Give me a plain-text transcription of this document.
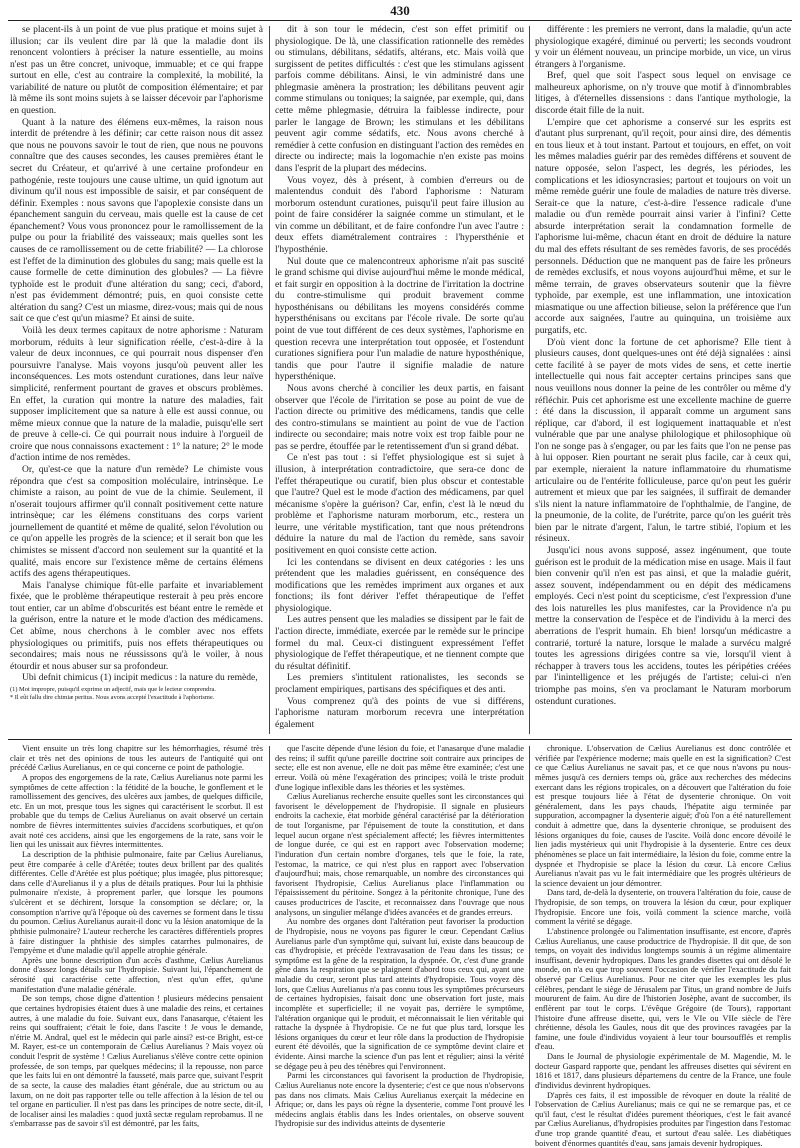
430

se placent-ils à un point de vue plus pratique et moins sujet à illusion; car ils veulent dire par là que la maladie dont ils renoncent volontiers à préciser la nature essentielle, au moins n'est pas un être concret, univoque, immuable; et ce qui frappe surtout en elle, c'est au contraire la complexité, la mobilité, la variabilité de nature ou plutôt de composition élémentaire; et par là même ils sont moins sujets à se laisser décevoir par l'aphorisme en question.

Quant à la nature des élémens eux-mêmes, la raison nous interdit de prétendre à les définir; car cette raison nous dit assez que nous ne pouvons savoir le tout de rien, que nous ne pouvons connaître que des causes secondes, les causes premières étant le secret du Créateur, et qu'arrivé à une certaine profondeur en pathogénie, reste toujours une cause ultime, un quid ignotum aut divinum qu'il nous est impossible de saisir, et par conséquent de définir. Exemples : nous savons que l'apoplexie consiste dans un épanchement sanguin du cerveau, mais quelle est la cause de cet épanchement? Vous vous prononcez pour le ramollissement de la pulpe ou pour la friabilité des vaisseaux; mais quelles sont les causes de ce ramollissement ou de cette friabilité? — La chlorose est l'effet de la diminution des globules du sang; mais quelle est la cause formelle de cette diminution des globules? — La fièvre typhoïde est le produit d'une altération du sang; ceci, d'abord, n'est pas évidemment démontré; puis, en quoi consiste cette altération du sang? C'est un miasme, direz-vous; mais qui de nous sait ce que c'est qu'un miasme? Et ainsi de suite.

Voilà les deux termes capitaux de notre aphorisme : Naturam morborum, réduits à leur signification réelle, c'est-à-dire à la valeur de deux inconnues, ce qui pourrait nous dispenser d'en poursuivre l'analyse. Mais voyons jusqu'où peuvent aller les inconséquences. Les mots ostendunt curationes, dans leur naïve simplicité, renferment pourtant de graves et obscurs problèmes. En effet, la curation qui montre la nature des maladies, fait supposer implicitement que sa nature à elle est aussi connue, ou même mieux connue que la nature de la maladie, puisqu'elle sert de preuve à celle-ci. Ce qui pourrait nous induire à l'orgueil de croire que nous connaissons exactement : 1° la nature; 2° le mode d'action intime de nos remèdes.

Or, qu'est-ce que la nature d'un remède? Le chimiste vous répondra que c'est sa composition moléculaire, intrinsèque. Le chimiste a raison, au point de vue de la chimie. Seulement, il n'oserait toujours affirmer qu'il connaît positivement cette nature intrinsèque; car les élémens constituans des corps varient journellement de quantité et même de qualité, selon l'évolution ou ce qu'on appelle les progrès de la science; et il serait bon que les chimistes se missent d'accord non seulement sur la quantité et la qualité, mais encore sur l'existence même de certains élémens actifs des agens thérapeutiques.

Mais l'analyse chimique fût-elle parfaite et invariablement fixée, que le problème thérapeutique resterait à peu près encore tout entier, car un abîme d'obscurités est béant entre le remède et la guérison, entre la nature et le mode d'action des médicamens. Cet abîme, nous cherchons à le combler avec nos effets physiologiques ou primitifs, puis nos effets thérapeutiques ou secondaires; mais nous ne réussissons qu'à le voiler, à nous étourdir et nous abuser sur sa profondeur.

Ubi defnit chimicus (1) incipit medicus : la nature du remède,

(1) Mot impropre, puisqu'il exprime un adjectif, mais que le lecteur comprendra.

* Il eût fallu dire chimiæ peritus. Nous avons accepté l'exactitude à l'aphorisme.

dit à son tour le médecin, c'est son effet primitif ou physiologique. De là, une classification rationnelle des remèdes ou stimulans, débilitans, sédatifs, altérans, etc. Mais voilà que surgissent de petites difficultés : c'est que les stimulans agissent parfois comme débilitans. Ainsi, le vin administré dans une phlegmasie amènera la prostration; les débilitans peuvent agir comme stimulans ou toniques; la saignée, par exemple, qui, dans cette même phlegmasie, détruira la faiblesse indirecte, pour parler le langage de Brown; les stimulans et les débilitans peuvent agir comme sédatifs, etc. Nous avons cherché à remédier à cette confusion en distinguant l'action des remèdes en directe ou indirecte; mais la logomachie n'en existe pas moins dans l'esprit de la plupart des médecins.

Vous voyez, dès à présent, à combien d'erreurs ou de malentendus conduit dès l'abord l'aphorisme : Naturam morborum ostendunt curationes, puisqu'il peut faire illusion au point de faire considérer la saignée comme un stimulant, et le vin comme un débilitant, et de faire confondre l'un avec l'autre : deux effets diamétralement contraires : l'hypersthénie et l'hyposthénie.

Nul doute que ce malencontreux aphorisme n'ait pas suscité le grand schisme qui divise aujourd'hui même le monde médical, et fait surgir en opposition à la doctrine de l'irritation la doctrine du contre-stimulisme qui produit bravement comme hyposthénisans ou débilitans les moyens considérés comme hypersthénisans ou excitans par l'école rivale. De sorte qu'au point de vue tout différent de ces deux systèmes, l'aphorisme en question recevra une interprétation tout opposée, et l'ostendunt curationes signifiera pour l'un maladie de nature hyposthénique, tandis que pour l'autre il signifie maladie de nature hypersthénique.

Nous avons cherché à concilier les deux partis, en faisant observer que l'école de l'irritation se pose au point de vue de l'action directe ou primitive des médicamens, tandis que celle des contro-stimulans se maintient au point de vue de l'action indirecte ou secondaire; mais notre voix est trop faible pour ne pas se perdre, étouffée par le retentissement d'un si grand débat.

Ce n'est pas tout : si l'effet physiologique est si sujet à illusion, à interprétation contradictoire, que sera-ce donc de l'effet thérapeutique ou curatif, bien plus obscur et contestable que l'autre? Quel est le mode d'action des médicamens, par quel mécanisme s'opère la guérison? Car, enfin, c'est là le nœud du problème et l'aphorisme naturam morborum, etc., restera un leurre, une véritable mystification, tant que nous prétendrons déduire la nature du mal de l'action du remède, sans savoir positivement en quoi consiste cette action.

Ici les contendans se divisent en deux catégories : les uns prétendent que les maladies guérissent, en conséquence des modifications que les remèdes impriment aux organes et aux fonctions; ils font dériver l'effet thérapeutique de l'effet physiologique.

Les autres pensent que les maladies se dissipent par le fait de l'action directe, immédiate, exercée par le remède sur le principe formel du mal. Ceux-ci distinguent expressément l'effet physiologique de l'effet thérapeutique, et ne tiennent compte que du résultat définitif.

Les premiers s'intitulent rationalistes, les seconds se proclament empiriques, partisans des spécifiques et des anti.

Vous comprenez qu'à des points de vue si différens, l'aphorisme naturam morborum recevra une interprétation également

différente : les premiers ne verront, dans la maladie, qu'un acte physiologique exagéré, diminué ou perverti; les seconds voudront y voir un élément nouveau, un principe morbide, un vice, un virus étrangers à l'organisme.

Bref, quel que soit l'aspect sous lequel on envisage ce malheureux aphorisme, on n'y trouve que motif à d'innombrables litiges, à d'éternelles dissensions : dans l'antique mythologie, la discorde était fille de la nuit.

L'empire que cet aphorisme a conservé sur les esprits est d'autant plus surprenant, qu'il reçoit, pour ainsi dire, des démentis en tous lieux et à tout instant. Partout et toujours, en effet, on voit les mêmes maladies guérir par des remèdes différens et souvent de nature opposée, selon l'aspect, les degrés, les périodes, les complications et les idiosyncrasies; partout et toujours on voit un même remède guérir une foule de maladies de nature très diverse. Serait-ce que la nature, c'est-à-dire l'essence radicale d'une maladie ou d'un remède pourrait ainsi varier à l'infini? Cette absurde interprétation serait la condamnation formelle de l'aphorisme lui-même, chacun étant en droit de déduire la nature du mal des effets résultant de ses remèdes favoris, de ses procédés personnels. Déduction que ne manquent pas de faire les prôneurs de remèdes exclusifs, et nous voyons aujourd'hui même, et sur le même terrain, de graves observateurs soutenir que la fièvre typhoïde, par exemple, est une inflammation, une intoxication miasmatique ou une affection bilieuse, selon la préférence que l'un accorde aux saignées, l'autre au quinquina, un troisième aux purgatifs, etc.

D'où vient donc la fortune de cet aphorisme? Elle tient à plusieurs causes, dont quelques-unes ont été déjà signalées : ainsi cette facilité à se payer de mots vides de sens, et cette inertie intellectuelle qui nous fait accepter certains principes sans que nous veuillons nous donner la peine de les contrôler ou même d'y réfléchir. Puis cet aphorisme est une excellente machine de guerre : été dans la discussion, il apparaît comme un argument sans réplique, car d'abord, il est logiquement inattaquable et n'est vulnérable que par une analyse philologique et philosophique où l'on ne songe pas à s'engager, ou par les faits que l'on ne pense pas à lui opposer. Rien pourtant ne serait plus facile, car à ceux qui, par exemple, nieraient la nature inflammatoire du rhumatisme articulaire ou de l'entérite folliculeuse, parce qu'on peut les guérir autrement et mieux que par les saignées, il suffirait de demander s'ils nient la nature inflammatoire de l'ophthalmie, de l'angine, de la pneumonie, de la colite, de l'urétrite, parce qu'on les guérit très bien par le nitrate d'argent, l'alun, le tartre stibié, l'opium et les résineux.

Jusqu'ici nous avons supposé, assez ingénument, que toute guérison est le produit de la médication mise en usage. Mais il faut bien convenir qu'il n'en est pas ainsi, et que la maladie guérit, assez souvent, indépendamment ou en dépit des médicamens employés. Ceci n'est point du scepticisme, c'est l'expression d'une des lois naturelles les plus manifestes, car la Providence n'a pu mettre la conservation de l'espèce et de l'individu à la merci des aberrations de l'esprit humain. Eh bien! lorsqu'un médicastre a contrarié, torturé la nature, lorsque le malade a survécu malgré toutes les agressions dirigées contre sa vie, lorsqu'il vient à réchapper à travers tous les accidens, toutes les péripéties créées par l'inintelligence et les préjugés de l'artiste; celui-ci n'en triomphe pas moins, s'en va proclamant le Naturam morborum ostendunt curationes.

Vient ensuite un très long chapitre sur les hémorrhagies, résumé très clair et très net des opinions de tous les auteurs de l'antiquité qui ont précédé Cælius Aurelianus, en ce qui concerne ce point de pathologie.

A propos des engorgemens de la rate, Cælius Aurelianus note parmi les symptômes de cette affection : la fétidité de la bouche, le gonflement et le ramollissement des gencives, des ulcères aux jambes, de quelques difficile, etc. En un mot, presque tous les signes qui caractérisent le scorbut. Il est probable que du temps de Cælius Aurelianus on avait observé un certain nombre de fièvres intermittentes suivies d'accidens scorbutiques, et qu'on avait noté ces accidens, ainsi que les engorgemens de la rate, sans voir le lien qui les unissait aux fièvres intermittentes.

La description de la phthisie pulmonaire, faite par Cælius Aurelianus, peut être comparée à celle d'Arétée; toutes deux brillent par des qualités différentes. Celle d'Arétée est plus poétique; plus imagée, plus pittoresque; dans celle d'Aurelianus il y a plus de détails pratiques. Pour lui la phthisie pulmonaire n'existe, à proprement parler, que lorsque les poumons s'ulcèrent et se déchirent, lorsque la consomption se déclare; or, la consomption n'arrive qu'à l'époque où des cavernes se forment dans le tissu du poumon. Cælius Aurelianus aurait-il donc vu la lésion anatomique de la phthisie pulmonaire? L'auteur recherche les caractères différentiels propres à faire distinguer la phthisie des simples catarrhes pulmonaires, de l'empyème et d'une maladie qu'il appelle atrophie générale.

Après une bonne description d'un accès d'asthme, Cælius Aurelianus donne d'assez longs détails sur l'hydropisie. Suivant lui, l'épanchement de sérosité qui caractérise cette affection, n'est qu'un effet, qu'une manifestation d'une maladie générale.

De son temps, chose digne d'attention ! plusieurs médecins pensaient que certaines hydropisies étaient dues à une maladie des reins, et certaines autres, à une maladie du foie. Suivant eux, dans l'anasarque, c'étaient les reins qui souffraient; c'était le foie, dans l'ascite ! Je vous le demande, n'étrie M. Andral, quel est le médecin qui parle ainsi? est-ce Bright, est-ce M. Rayer, est-ce un contemporain de Cælius Aurelianus ? Mais voyez où conduit l'esprit de système ! Cælius Aurelianus s'élève contre cette opinion professée, de son temps, par quelques médecins; il la repousse, non parce que les faits lui en ont démontré la fausseté, mais parce que, suivant l'esprit de sa secte, la cause des maladies étant générale, due au strictum ou au laxum, on ne doit pas rapporter telle ou telle affection à la lésion de tel ou tel organe en particulier. Il n'est pas dans les principes de notre secte, dit-il, de localiser ainsi les maladies : quod juxtâ sectæ regulam reprobamus. Il ne s'embarrasse pas de savoir s'il est démontré, par les faits,

que l'ascite dépende d'une lésion du foie, et l'anasarque d'une maladie des reins; il suffit qu'une pareille doctrine soit contraire aux principes de secte; elle est non avenue, elle ne doit pas même être examinée; c'est une erreur. Voilà où mène l'exagération des principes; voilà le triste produit d'une logique inflexible dans les théories et les systèmes.

Cælius Aurelianus recherche ensuite quelles sont les circonstances qui favorisent le développement de l'hydropisie. Il signale en plusieurs endroits la cachexie, état morbide général caractérisé par la détérioration de tout l'organisme, par l'épuisement de toute la constitution, et dans lequel aucun organe n'est spécialement affecté; les fièvres intermittentes de longue durée, ce qui est en rapport avec l'observation moderne; l'induration d'un certain nombre d'organes, tels que le foie, la rate, l'estomac, la matrice, ce qui n'est plus en rapport avec l'observation d'aujourd'hui; mais, chose remarquable, un nombre des circonstances qui favorisent l'hydropisie, Cælius Aurelianus place l'inflammation ou l'épaississement du péritoine. Songez à la péritonite chronique, l'une des causes productrices de l'ascite, et reconnaissez dans l'ouvrage que nous analysons, un singulier mélange d'idées avancées et de grandes erreurs.

Au nombre des organes dont l'altération peut favoriser la production de l'hydropisie, nous ne voyons pas figurer le cœur. Cependant Cælius Aurelianus parle d'un symptôme qui, suivant lui, existe dans beaucoup de cas d'hydropisie, et précède l'extravasation de l'eau dans les tissus; ce symptôme est la gêne de la respiration, la dyspnée. Or, c'est d'une grande gêne dans la respiration que se plaignent d'abord tous ceux qui, ayant une maladie du cœur, seront plus tard atteints d'hydropisie. Tous voyez dès lors, que Cælius Aurelianus n'a pas connu tous les symptômes précurseurs de certaines hydropisies, faisait donc une observation fort juste, mais incomplète et superficielle; il ne voyait pas, derrière le symptôme, l'altération organique qui le produit, et méconnaissait le lien véritable qui rattache la dyspnée à l'hydropisie. Ce ne fut que plus tard, lorsque les lésions organiques du cœur et leur rôle dans la production de l'hydropisie eurent été dévoilés, que la signification de ce symptôme devint claire et évidente. Ainsi marche la science d'un pas lent et régulier; ainsi la vérité se dégage peu à peu des ténèbres qui l'environnent.

Parmi les circonstances qui favorisent la production de l'hydropisie, Cælius Aurelianus note encore la dysenterie; c'est ce que nous n'observons pas dans nos climats. Mais Cælius Aurelianus exerçait la médecine en Afrique; or, dans les pays où règne la dysenterie, comme l'ont prouvé les médecins anglais établis dans les Indes orientales, on observe souvent l'hydropisie sur des individus atteints de dysenterie

chronique. L'observation de Cælius Aurelianus est donc contrôlée et vérifiée par l'expérience moderne; mais quelle en est la signification? C'est ce que Cælius Aurelianus ne savait pas, et ce que nous n'avons pu nous-mêmes jusqu'à ces derniers temps où, grâce aux recherches des médecins exercant dans les régions tropicales, on a découvert que l'altération du foie est presque toujours liée à l'état de dysenterie chronique. On voit généralement, dans les pays chauds, l'hépatite aigu terminée par suppuration, accompagner la dysenterie aiguë; d'où l'on a été naturellement conduit à admettre que, dans la dysenterie chronique, se produisent des lésions organiques du foie, causes de l'ascite. Voilà donc encore dévoilé le lien jadis mystérieux qui unit l'hydropisie à la dysenterie. Entre ces deux phénomènes se place un fait intermédiaire, la lésion du foie, comme entre la dyspnée et l'hydropisie se place la lésion du cœur. Là encore Cælius Aurelianus n'avait pas vu le fait intermédiaire que les progrès ultérieurs de la science devaient un jour démontrer.

Dans tard, de-delà la dysenterie, on trouvera l'altération du foie, cause de l'hydropisie, de son temps, on trouvera la lésion du cœur, pour expliquer l'hydropisie. Encore une fois, voilà comment la science marche, voilà comment la vérité se dégage.

L'abstinence prolongée ou l'alimentation insuffisante, est encore, d'après Cælius Aurelianus, une cause productrice de l'hydropisie. Il dit que, de son temps, on voyait des individus longtemps soumis à un régime alimentaire insuffisant, devenir hydropiques. Dans les grandes disettes qui ont désolé le monde, on n'a eu que trop souvent l'occasion de vérifier l'exactitude du fait observé par Cælius Aurelianus. Pour ne citer que les exemples les plus célèbres, pendant le siège de Jérusalem par Titus, un grand nombre de Juifs moururent de faim. Au dire de l'historien Josèphe, avant de succomber, ils enflèrent par tout le corps. L'évêque Grégoire (de Tours), rapportant l'histoire d'une affreuse disette, qui, vers le VIe ou VIIe siècle de l'ère chrétienne, désola les Gaules, nous dit que des provinces ravagées par la famine, une foule d'individus voyaient à leur tour boursoufflés et remplis d'eau.

Dans le Journal de physiologie expérimentale de M. Magendie, M. le docteur Gaspard rapporte que, pendant les affreuses disettes qui sévirent en 1816 et 1817, dans plusieurs départemens du centre de la France, une foule d'individus devinrent hydropiques.

D'après ces faits, il est impossible de révoquer en doute la réalité de l'observation de Cælius Aurelianus; mais ce qui ne se remarque pas, et ce qu'il faut, c'est le résultat d'idées purement théoriques, c'est le fait avancé par Cælius Aurelianus, d'hydropisies produites par l'ingestion dans l'estomac d'une trop grande quantité d'eau, et surtout d'eau salée. Les diabétiques boivent d'énormes quantités d'eau, sans jamais devenir hydropiques.
